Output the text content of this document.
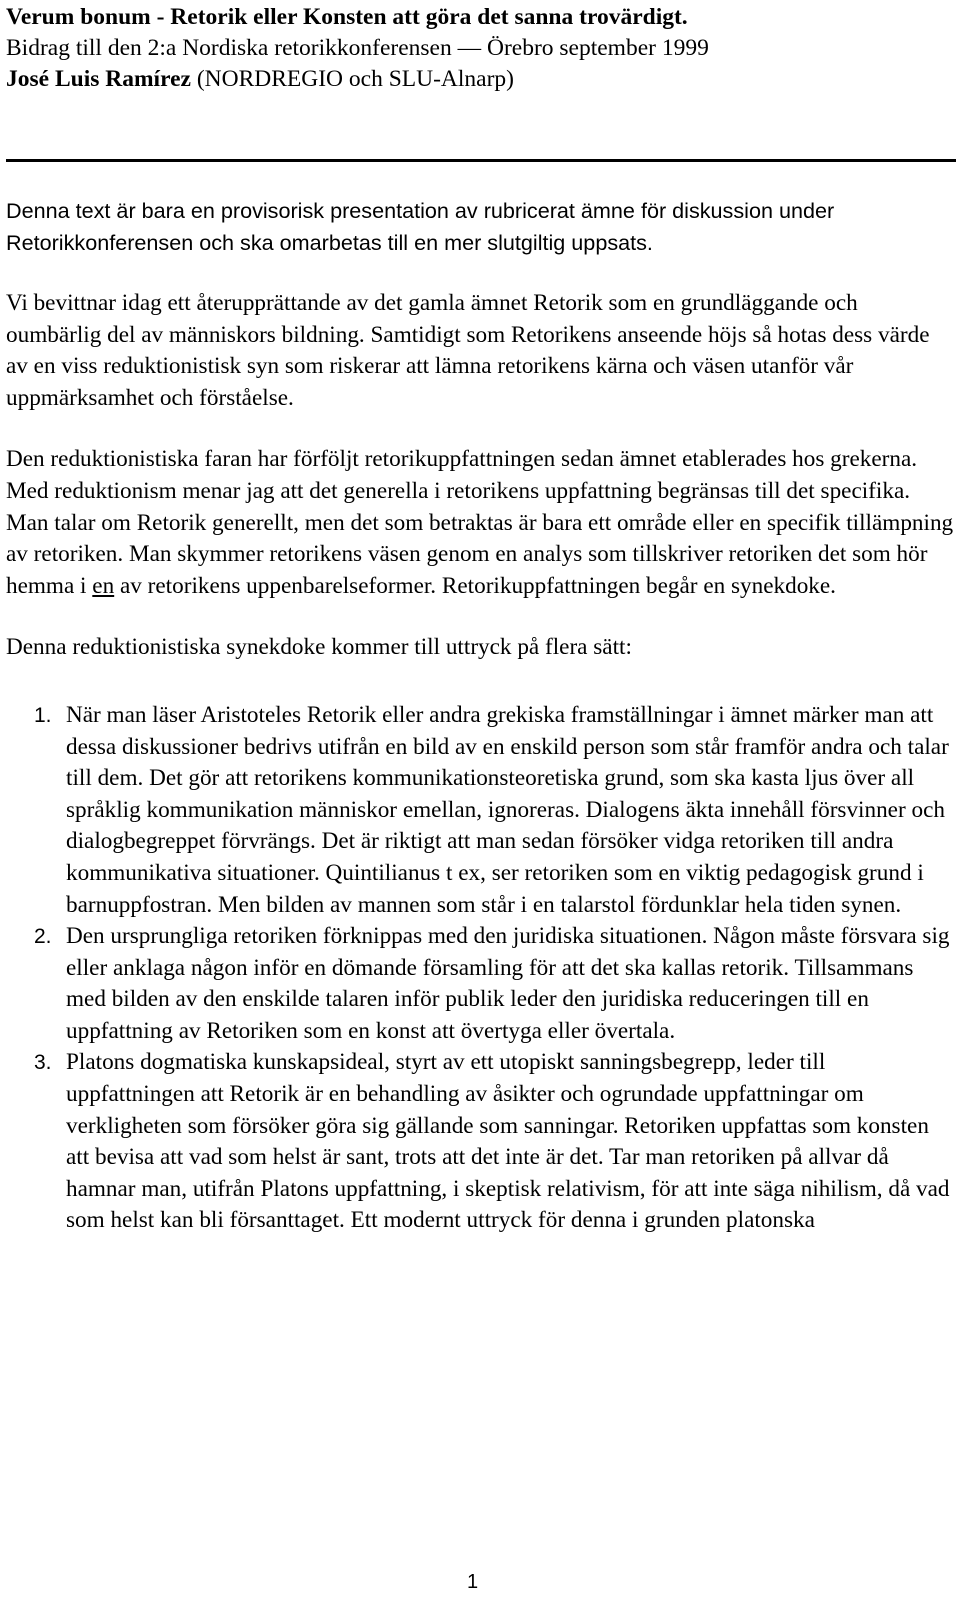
Verum bonum - Retorik eller Konsten att göra det sanna trovärdigt.
Bidrag till den 2:a Nordiska retorikkonferensen — Örebro september 1999
José Luis Ramírez (NORDREGIO och SLU-Alnarp)
Denna text är bara en provisorisk presentation av rubricerat ämne för diskussion under Retorikkonferensen och ska omarbetas till en mer slutgiltig uppsats.

Vi bevittnar idag ett återupprättande av det gamla ämnet Retorik som en grundläggande och oumbärlig del av människors bildning. Samtidigt som Retorikens anseende höjs så hotas dess värde av en viss reduktionistisk syn som riskerar att lämna retorikens kärna och väsen utanför vår uppmärksamhet och förståelse.

Den reduktionistiska faran har förföljt retorikuppfattningen sedan ämnet etablerades hos grekerna. Med reduktionism menar jag att det generella i retorikens uppfattning begränsas till det specifika. Man talar om Retorik generellt, men det som betraktas är bara ett område eller en specifik tillämpning av retoriken. Man skymmer retorikens väsen genom en analys som tillskriver retoriken det som hör hemma i en av retorikens uppenbarelseformer. Retorikuppfattningen begår en synekdoke.

Denna reduktionistiska synekdoke kommer till uttryck på flera sätt:

1. När man läser Aristoteles Retorik eller andra grekiska framställningar i ämnet märker man att dessa diskussioner bedrivs utifrån en bild av en enskild person som står framför andra och talar till dem. Det gör att retorikens kommunikationsteoretiska grund, som ska kasta ljus över all språklig kommunikation människor emellan, ignoreras. Dialogens äkta innehåll försvinner och dialogbegreppet förvrängs. Det är riktigt att man sedan försöker vidga retoriken till andra kommunikativa situationer. Quintilianus t ex, ser retoriken som en viktig pedagogisk grund i barnuppfostran. Men bilden av mannen som står i en talarstol fördunklar hela tiden synen.
2. Den ursprungliga retoriken förknippas med den juridiska situationen. Någon måste försvara sig eller anklaga någon inför en dömande församling för att det ska kallas retorik. Tillsammans med bilden av den enskilde talaren inför publik leder den juridiska reduceringen till en uppfattning av Retoriken som en konst att övertyga eller övertala.
3. Platons dogmatiska kunskapsideal, styrt av ett utopiskt sanningsbegrepp, leder till uppfattningen att Retorik är en behandling av åsikter och ogrundade uppfattningar om verkligheten som försöker göra sig gällande som sanningar. Retoriken uppfattas som konsten att bevisa att vad som helst är sant, trots att det inte är det. Tar man retoriken på allvar då hamnar man, utifrån Platons uppfattning, i skeptisk relativism, för att inte säga nihilism, då vad som helst kan bli försanttaget. Ett modernt uttryck för denna i grunden platonska
1
